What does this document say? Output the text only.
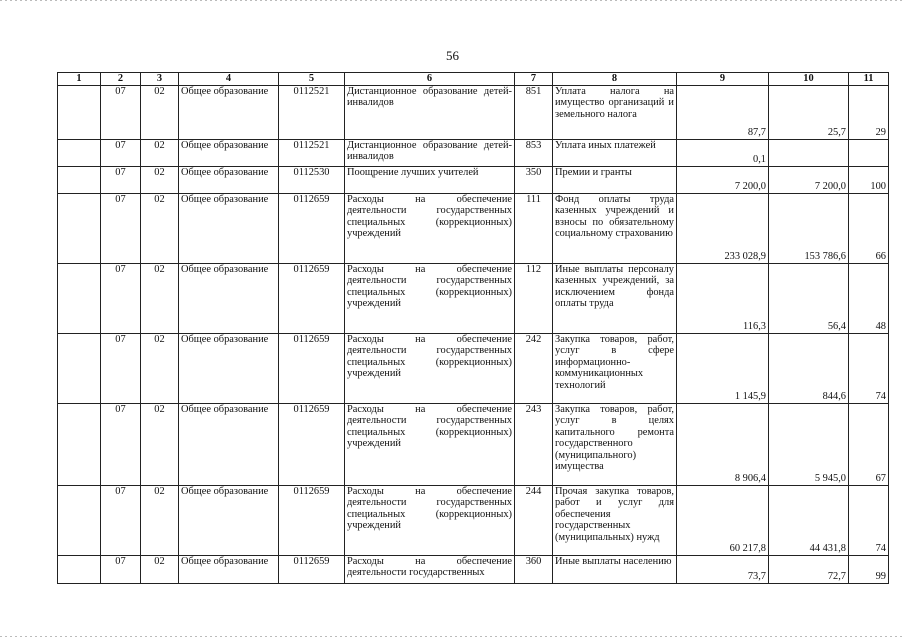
56
1	2	3	4	5	6	7	8	9	10	11
	07	02	Общее образование	0112521	Дистанционное образование детей-инвалидов	851	Уплата налога на имущество организаций и земельного налога	87,7	25,7	29
	07	02	Общее образование	0112521	Дистанционное образование детей-инвалидов	853	Уплата иных платежей	0,1		
	07	02	Общее образование	0112530	Поощрение лучших учителей	350	Премии и гранты	7 200,0	7 200,0	100
	07	02	Общее образование	0112659	Расходы на обеспечение деятельности государственных специальных (коррекционных) учреждений	111	Фонд оплаты труда казенных учреждений и взносы по обязательному социальному страхованию	233 028,9	153 786,6	66
	07	02	Общее образование	0112659	Расходы на обеспечение деятельности государственных специальных (коррекционных) учреждений	112	Иные выплаты персоналу казенных учреждений, за исключением фонда оплаты труда	116,3	56,4	48
	07	02	Общее образование	0112659	Расходы на обеспечение деятельности государственных специальных (коррекционных) учреждений	242	Закупка товаров, работ, услуг в сфере информационно-коммуникационных технологий	1 145,9	844,6	74
	07	02	Общее образование	0112659	Расходы на обеспечение деятельности государственных специальных (коррекционных) учреждений	243	Закупка товаров, работ, услуг в целях капитального ремонта государственного (муниципального) имущества	8 906,4	5 945,0	67
	07	02	Общее образование	0112659	Расходы на обеспечение деятельности государственных специальных (коррекционных) учреждений	244	Прочая закупка товаров, работ и услуг для обеспечения государственных (муниципальных) нужд	60 217,8	44 431,8	74
	07	02	Общее образование	0112659	Расходы на обеспечение деятельности государственных	360	Иные выплаты населению	73,7	72,7	99
